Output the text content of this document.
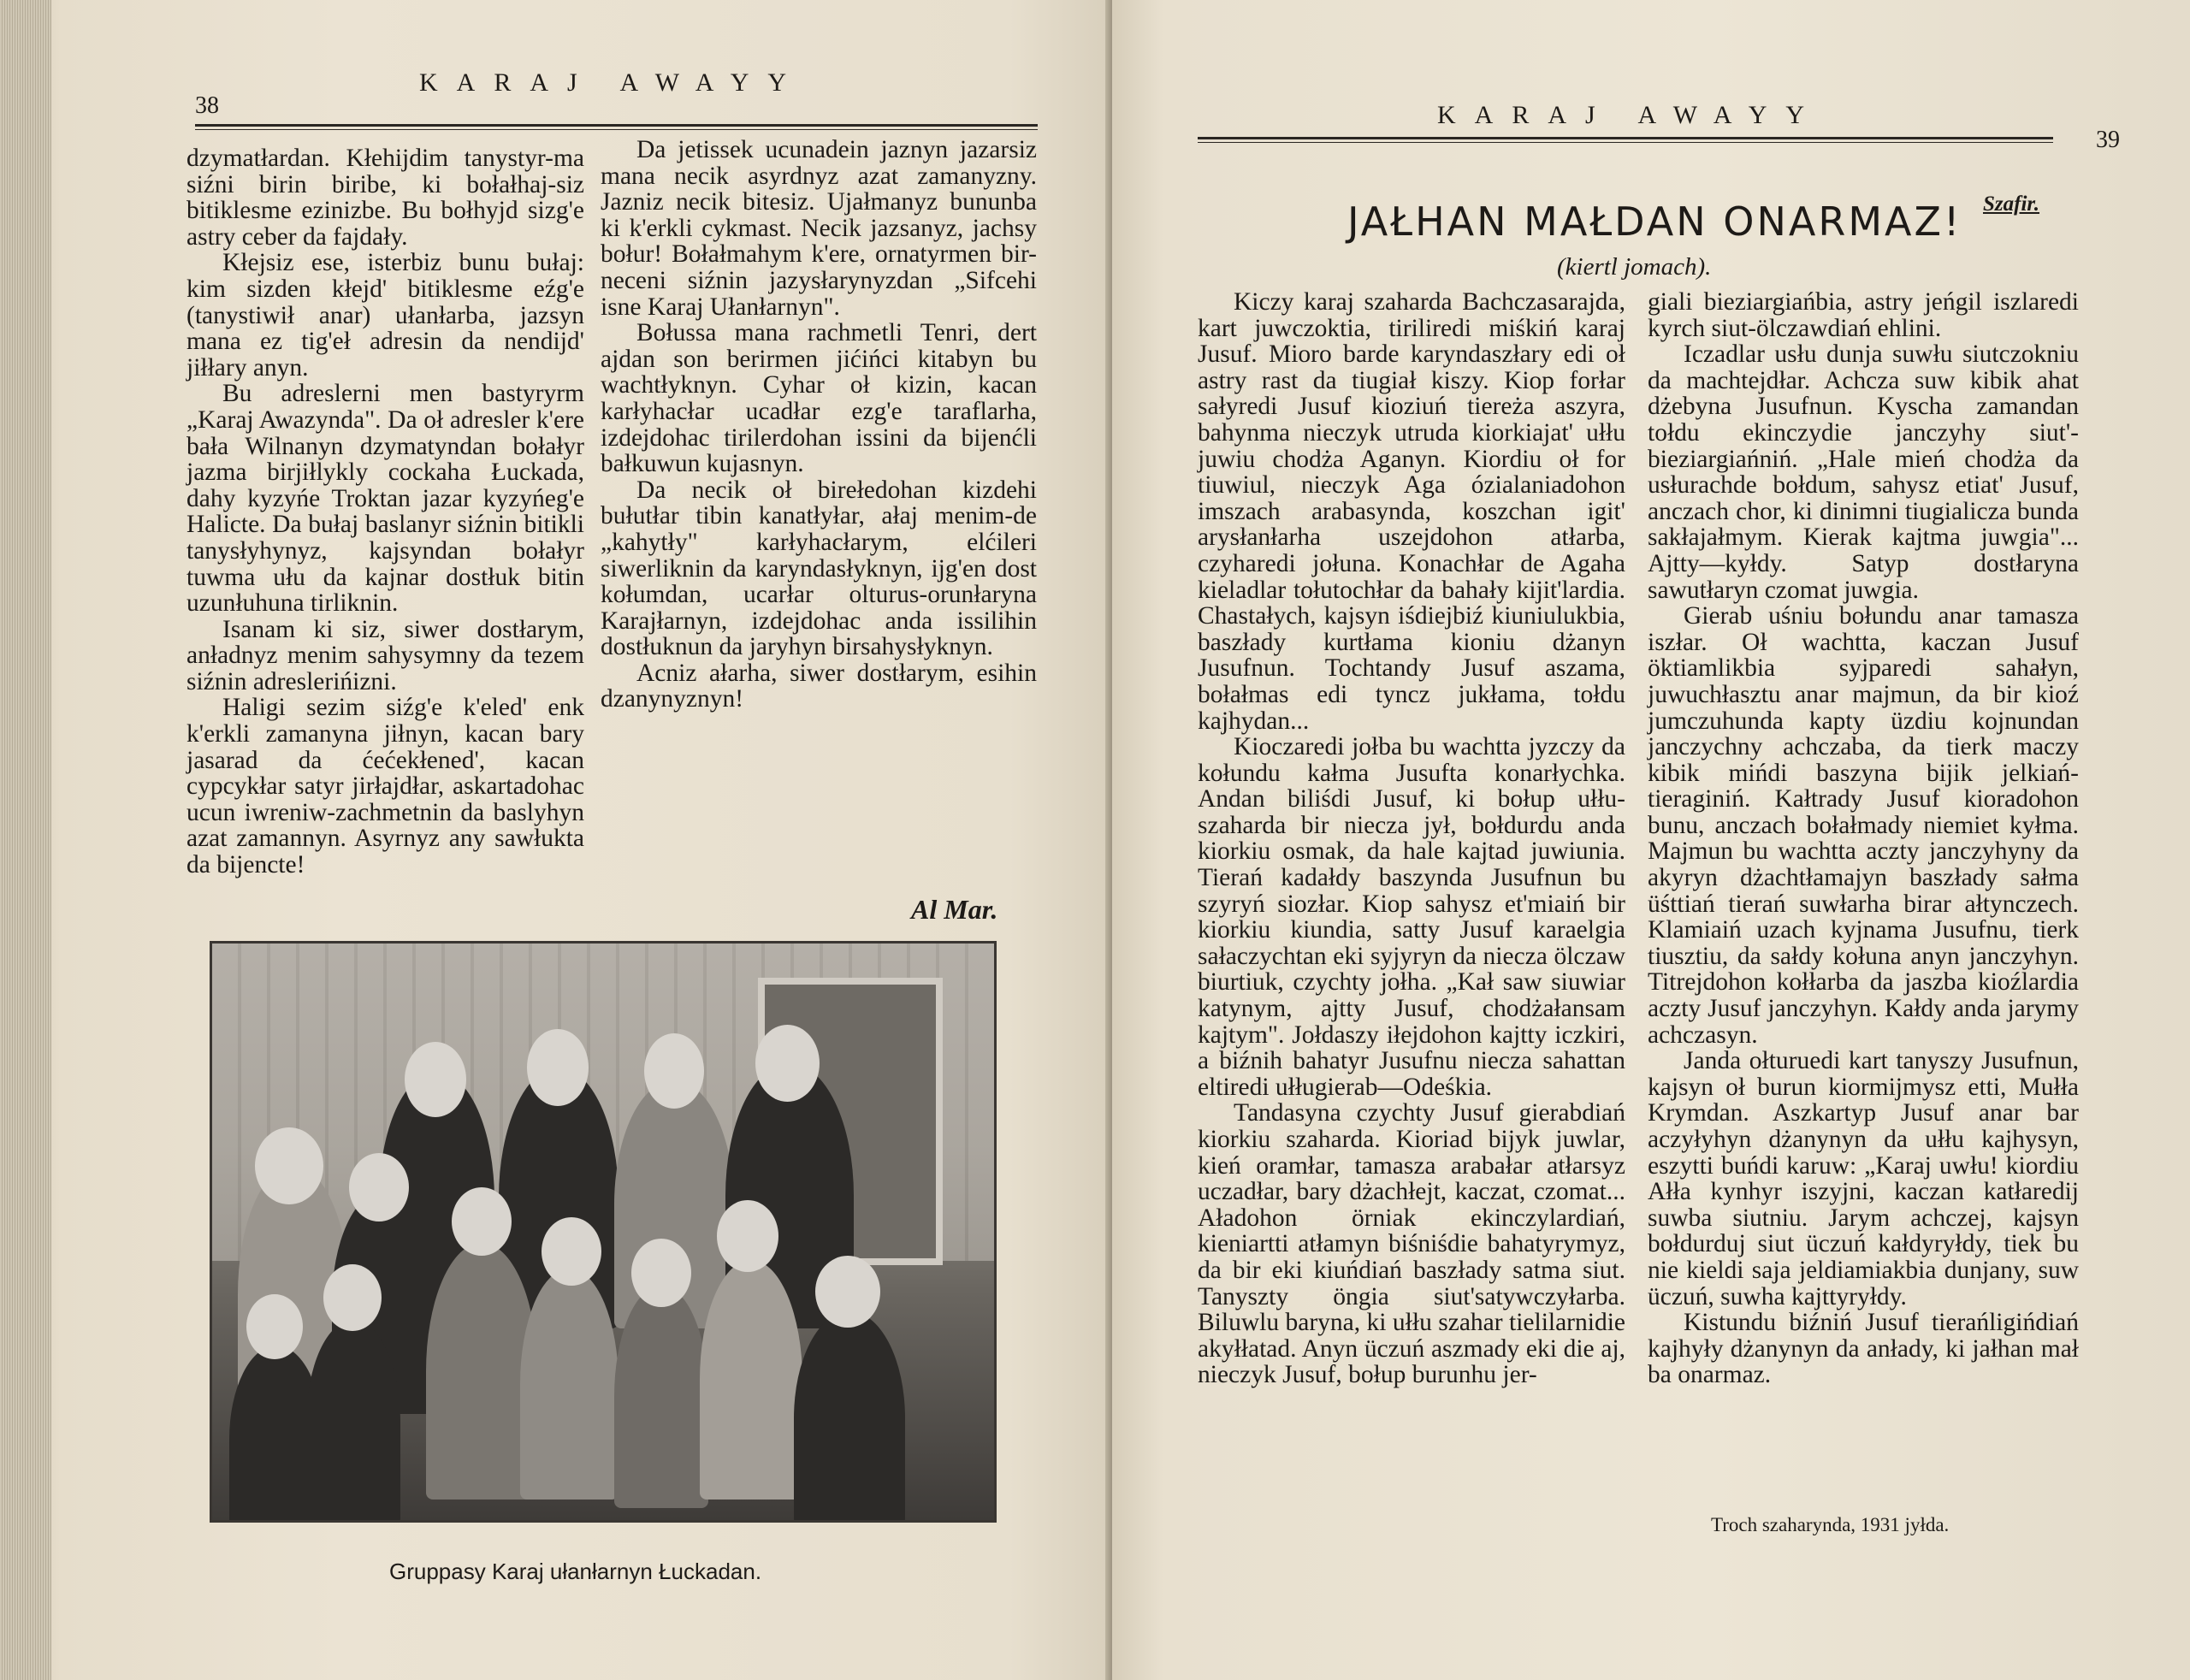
38
KARAJ AWAYY

dzymatłardan. Kłehijdim tanystyr-ma siźni birin biribe, ki bołałhaj-siz bitiklesme ezinizbe. Bu bołhyjd sizg'e astry ceber da fajdały.

Kłejsiz ese, isterbiz bunu bułaj: kim sizden kłejd' bitiklesme eźg'e (tanystiwił anar) ułanłarba, jazsyn mana ez tig'eł adresin da nendijd' jiłłary anyn.

Bu adreslerni men bastyryrm „Karaj Awazynda". Da oł adresler k'ere bała Wilnanyn dzymatyndan bołałyr jazma birjiłlykly cockaha Łuckada, dahy kyzyńe Troktan jazar kyzyńeg'e Halicte. Da bułaj baslanyr siźnin bitikli tanysłyhynyz, kajsyndan bołałyr tuwma ułu da kajnar dostłuk bitin uzunłuhuna tirliknin.

Isanam ki siz, siwer dostłarym, anładnyz menim sahysymny da tezem siźnin adreslerińizni.

Haligi sezim siźg'e k'eled' enk k'erkli zamanyna jiłnyn, kacan bary jasarad da ćećekłened', kacan cypcykłar satyr jirłajdłar, askartadohac ucun iwreniw-zachmetnin da baslyhyn azat zamannyn. Asyrnyz any sawłukta da bijencte!

Da jetissek ucunadein jaznyn jazarsiz mana necik asyrdnyz azat zamanyzny. Jazniz necik bitesiz. Ujałmanyz bununba ki k'erkli cykmast. Necik jazsanyz, jachsy bołur! Bołałmahym k'ere, ornatyrmen bir-neceni siźnin jazysłarynyzdan „Sifcehi isne Karaj Ułanłarnyn".

Bołussa mana rachmetli Tenri, dert ajdan son berirmen jićińci kitabyn bu wachtłyknyn. Cyhar oł kizin, kacan karłyhacłar ucadłar ezg'e taraflarha, izdejdohac tirilerdohan issini da bijenćli bałkuwun kujasnyn.

Da necik oł birełedohan kizdehi bułutłar tibin kanatłyłar, ałaj menim-de „kahytły" karłyhacłarym, elćileri siwerliknin da karyndasłyknyn, ijg'en dost kołumdan, ucarłar olturus-orunłaryna Karajłarnyn, izdejdohac anda issilihin dostłuknun da jaryhyn birsahysłyknyn.

Acniz ałarha, siwer dostłarym, esihin dzanynyznyn!

Al Mar.
Gruppasy Karaj ułanłarnyn Łuckadan.
KARAJ AWAYY
39
Szafir.
JAŁHAN MAŁDAN ONARMAZ!
(kiertl jomach).

Kiczy karaj szaharda Bachczasarajda, kart juwczoktia, tiriliredi miśkiń karaj Jusuf. Mioro barde karyndaszłary edi oł astry rast da tiugiał kiszy. Kiop forłar sałyredi Jusuf kioziuń tiereża aszyra, bahynma nieczyk utruda kiorkiajat' ułłu juwiu chodża Aganyn. Kiordiu oł for tiuwiul, nieczyk Aga ózialaniadohon imszach arabasynda, koszchan igit' arysłanłarha uszejdohon atłarba, czyharedi jołuna. Konachłar de Agaha kieladlar tołutochłar da bahały kijit'lardia. Chastałych, kajsyn iśdiejbiź kiuniulukbia, baszłady kurtłama kioniu dżanyn Jusufnun. Tochtandy Jusuf aszama, bołałmas edi tyncz jukłama, tołdu kajhydan...

Kioczaredi jołba bu wachtta jyzczy da kołundu kałma Jusufta konarłychka. Andan biliśdi Jusuf, ki bołup ułłu-szaharda bir niecza jył, bołdurdu anda kiorkiu osmak, da hale kajtad juwiunia. Tierań kadałdy baszynda Jusufnun bu szyryń siozłar. Kiop sahysz et'miaiń bir kiorkiu kiundia, satty Jusuf karaelgia sałaczychtan eki syjyryn da niecza ölczaw biurtiuk, czychty jołha. „Kał saw siuwiar katynym, ajtty Jusuf, chodżałansam kajtym". Jołdaszy iłejdohon kajtty iczkiri, a biźnih bahatyr Jusufnu niecza sahattan eltiredi ułługierab—Odeśkia.

Tandasyna czychty Jusuf gierabdiań kiorkiu szaharda. Kioriad bijyk juwlar, kień oramłar, tamasza arabałar atłarsyz uczadłar, bary dżachłejt, kaczat, czomat... Aładohon örniak ekinczylardiań, kieniartti atłamyn biśniśdie bahatyrymyz, da bir eki kiuńdiań baszłady satma siut. Tanyszty öngia siut'satywczyłarba. Biluwlu baryna, ki ułłu szahar tielilarnidie akyłłatad. Anyn üczuń aszmady eki die aj, nieczyk Jusuf, bołup burunhu jer-

giali bieziargiańbia, astry jeńgil iszlaredi kyrch siut-ölczawdiań ehlini.

Iczadlar usłu dunja suwłu siutczokniu da machtejdłar. Achcza suw kibik ahat dżebyna Jusufnun. Kyscha zamandan tołdu ekinczydie janczyhy siut'-bieziargiańniń. „Hale mień chodża da usłurachde bołdum, sahysz etiat' Jusuf, anczach chor, ki dinimni tiugialicza bunda sakłajałmym. Kierak kajtma juwgia"... Ajtty—kyłdy. Satyp dostłaryna sawutłaryn czomat juwgia.

Gierab uśniu bołundu anar tamasza iszłar. Oł wachtta, kaczan Jusuf öktiamlikbia syjparedi sahałyn, juwuchłasztu anar majmun, da bir kioź jumczuhunda kapty üzdiu kojnundan janczychny achczaba, da tierk maczy kibik mińdi baszyna bijik jelkiań-tieraginiń. Kałtrady Jusuf kioradohon bunu, anczach bołałmady niemiet kyłma. Majmun bu wachtta aczty janczyhyny da akyryn dżachtłamajyn baszłady sałma üśttiań tierań suwłarha birar ałtynczech. Klamiaiń uzach kyjnama Jusufnu, tierk tiusztiu, da sałdy kołuna anyn janczyhyn. Titrejdohon kołłarba da jaszba kioźlardia aczty Jusuf janczyhyn. Kałdy anda jarymy achczasyn.

Janda ołturuedi kart tanyszy Jusufnun, kajsyn oł burun kiormijmysz etti, Mułła Krymdan. Aszkartyp Jusuf anar bar aczyłyhyn dżanynyn da ułłu kajhysyn, eszytti buńdi karuw: „Karaj uwłu! kiordiu Ałła kynhyr iszyjni, kaczan katłaredij suwba siutniu. Jarym achczej, kajsyn bołdurduj siut üczuń kałdyryłdy, tiek bu nie kieldi saja jeldiamiakbia dunjany, suw üczuń, suwha kajttyryłdy.

Kistundu biźniń Jusuf tierańligińdiań kajhyły dżanynyn da anłady, ki jałhan mał ba onarmaz.

Troch szaharynda, 1931 jyłda.
